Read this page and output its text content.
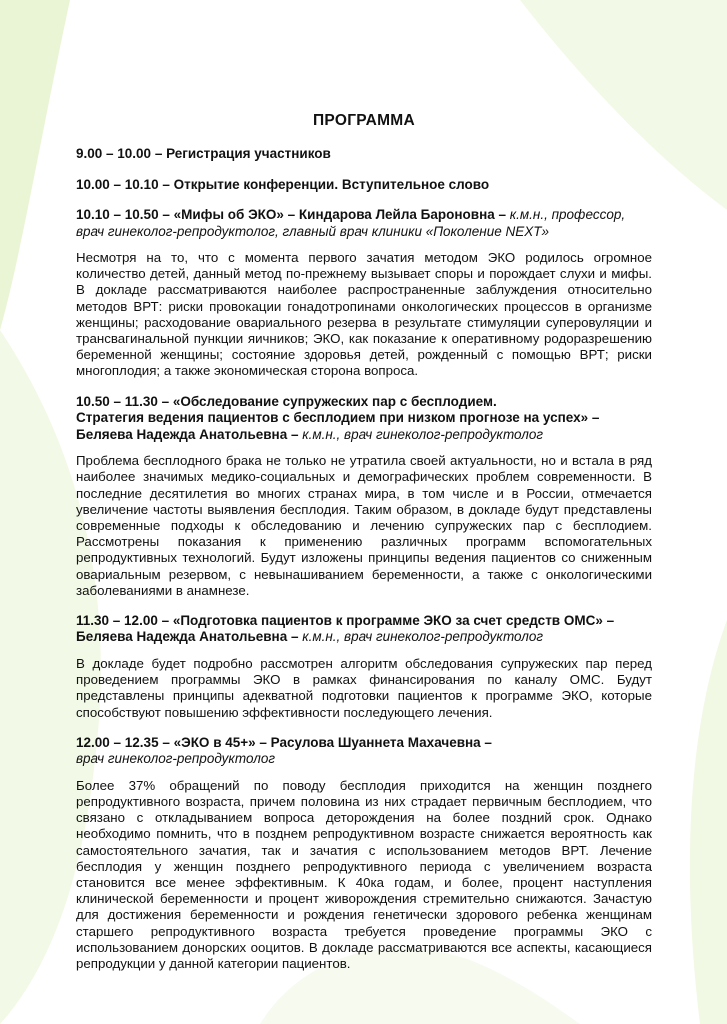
ПРОГРАММА
9.00 – 10.00 – Регистрация участников
10.00 – 10.10 – Открытие конференции. Вступительное слово
10.10 – 10.50 – «Мифы об ЭКО» – Киндарова Лейла Бароновна – к.м.н., профессор, врач гинеколог-репродуктолог, главный врач клиники «Поколение NEXT»

Несмотря на то, что с момента первого зачатия методом ЭКО родилось огромное количество детей, данный метод по-прежнему вызывает споры и порождает слухи и мифы. В докладе рассматриваются наиболее распространенные заблуждения относительно методов ВРТ: риски провокации гонадотропинами онкологических процессов в организме женщины; расходование овариального резерва в результате стимуляции суперовуляции и трансвагинальной пункции яичников; ЭКО, как показание к оперативному родоразрешению беременной женщины; состояние здоровья детей, рожденный с помощью ВРТ; риски многоплодия; а также экономическая сторона вопроса.

10.50 – 11.30 – «Обследование супружеских пар с бесплодием.
Стратегия ведения пациентов с бесплодием при низком прогнозе на успех» –
Беляева Надежда Анатольевна – к.м.н., врач гинеколог-репродуктолог

Проблема бесплодного брака не только не утратила своей актуальности, но и встала в ряд наиболее значимых медико-социальных и демографических проблем современности. В последние десятилетия во многих странах мира, в том числе и в России, отмечается увеличение частоты выявления бесплодия. Таким образом, в докладе будут представлены современные подходы к обследованию и лечению супружеских пар с бесплодием. Рассмотрены показания к применению различных программ вспомогательных репродуктивных технологий. Будут изложены принципы ведения пациентов со сниженным овариальным резервом, с невынашиванием беременности, а также с онкологическими заболеваниями в анамнезе.

11.30 – 12.00 – «Подготовка пациентов к программе ЭКО за счет средств ОМС» –
Беляева Надежда Анатольевна – к.м.н., врач гинеколог-репродуктолог

В докладе будет подробно рассмотрен алгоритм обследования супружеских пар перед проведением программы ЭКО в рамках финансирования по каналу ОМС. Будут представлены принципы адекватной подготовки пациентов к программе ЭКО, которые способствуют повышению эффективности последующего лечения.

12.00 – 12.35 – «ЭКО в 45+» – Расулова Шуаннета Махачевна –
врач гинеколог-репродуктолог

Более 37% обращений по поводу бесплодия приходится на женщин позднего репродуктивного возраста, причем половина из них страдает первичным бесплодием, что связано с откладыванием вопроса деторождения на более поздний срок. Однако необходимо помнить, что в позднем репродуктивном возрасте снижается вероятность как самостоятельного зачатия, так и зачатия с использованием методов ВРТ. Лечение бесплодия у женщин позднего репродуктивного периода с увеличением возраста становится все менее эффективным. К 40ка годам, и более, процент наступления клинической беременности и процент живорождения стремительно снижаются. Зачастую для достижения беременности и рождения генетически здорового ребенка женщинам старшего репродуктивного возраста требуется проведение программы ЭКО с использованием донорских ооцитов. В докладе рассматриваются все аспекты, касающиеся репродукции у данной категории пациентов.
